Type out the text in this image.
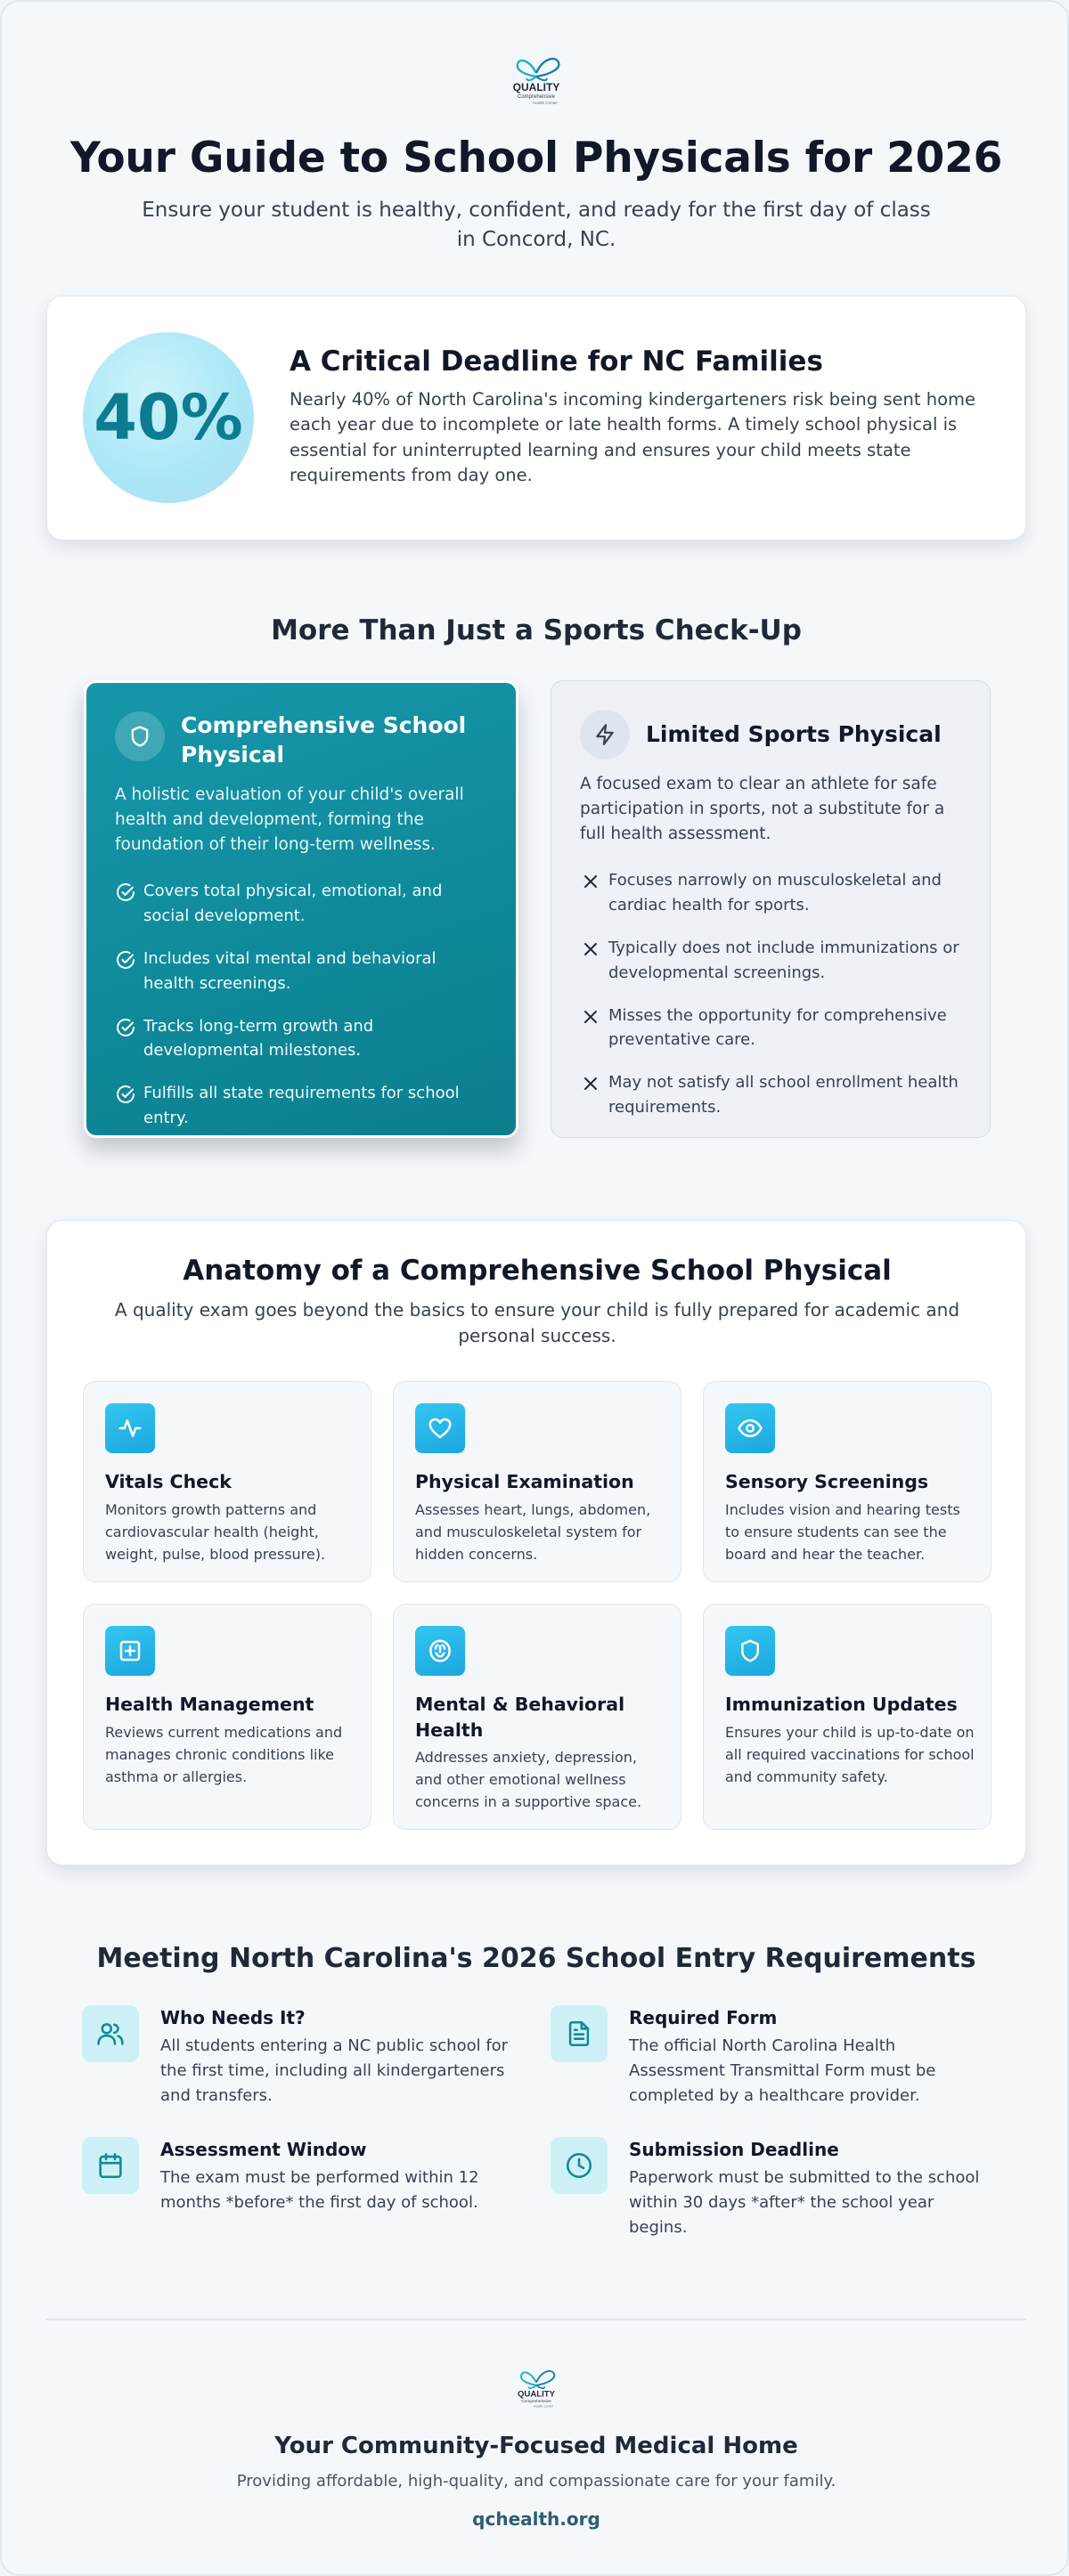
QUALITY
Comprehensive
Health Center
Your Guide to School Physicals for 2026

Ensure your student is healthy, confident, and ready for the first day of class in Concord, NC.

40%
A Critical Deadline for NC Families

Nearly 40% of North Carolina's incoming kindergarteners risk being sent home each year due to incomplete or late health forms. A timely school physical is essential for uninterrupted learning and ensures your child meets state requirements from day one.

More Than Just a Sports Check-Up
Comprehensive School Physical

A holistic evaluation of your child's overall health and development, forming the foundation of their long-term wellness.

Covers total physical, emotional, and social development.
Includes vital mental and behavioral health screenings.
Tracks long-term growth and developmental milestones.
Fulfills all state requirements for school entry.
Limited Sports Physical

A focused exam to clear an athlete for safe participation in sports, not a substitute for a full health assessment.

Focuses narrowly on musculoskeletal and cardiac health for sports.
Typically does not include immunizations or developmental screenings.
Misses the opportunity for comprehensive preventative care.
May not satisfy all school enrollment health requirements.
Anatomy of a Comprehensive School Physical

A quality exam goes beyond the basics to ensure your child is fully prepared for academic and personal success.

Vitals Check

Monitors growth patterns and cardiovascular health (height, weight, pulse, blood pressure).

Physical Examination

Assesses heart, lungs, abdomen, and musculoskeletal system for hidden concerns.

Sensory Screenings

Includes vision and hearing tests to ensure students can see the board and hear the teacher.

Health Management

Reviews current medications and manages chronic conditions like asthma or allergies.

Mental & Behavioral Health

Addresses anxiety, depression, and other emotional wellness concerns in a supportive space.

Immunization Updates

Ensures your child is up-to-date on all required vaccinations for school and community safety.

Meeting North Carolina's 2026 School Entry Requirements
Who Needs It?

All students entering a NC public school for the first time, including all kindergarteners and transfers.

Required Form

The official North Carolina Health Assessment Transmittal Form must be completed by a healthcare provider.

Assessment Window

The exam must be performed within 12 months *before* the first day of school.

Submission Deadline

Paperwork must be submitted to the school within 30 days *after* the school year begins.

QUALITY
Comprehensive
Health Center
Your Community-Focused Medical Home

Providing affordable, high-quality, and compassionate care for your family.

qchealth.org
